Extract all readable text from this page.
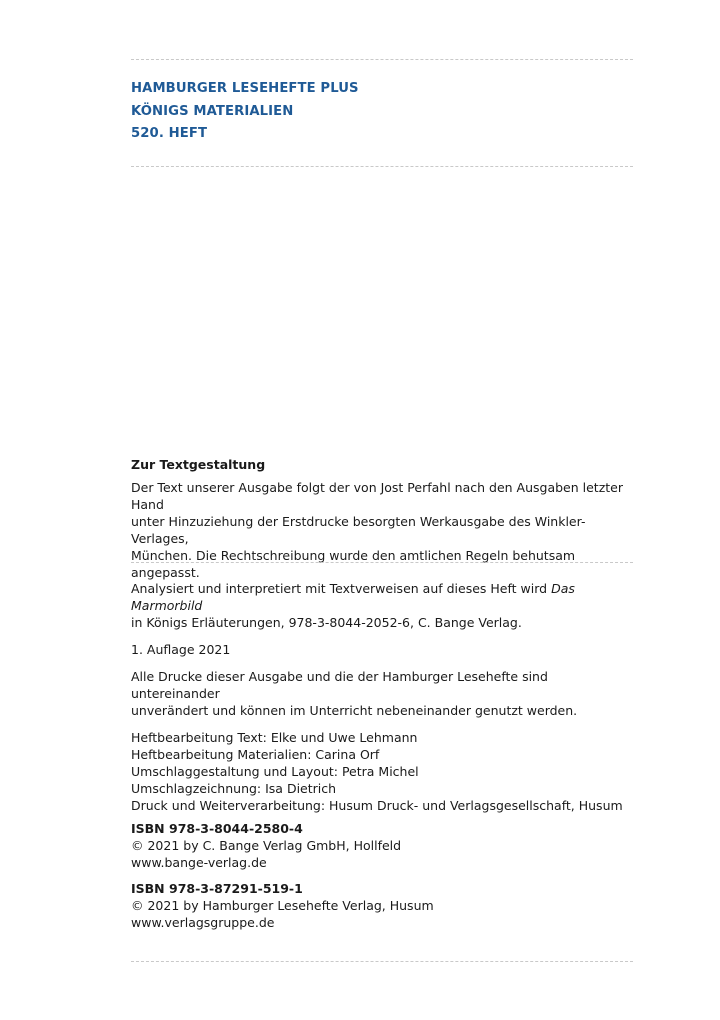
HAMBURGER LESEHEFTE PLUS
KÖNIGS MATERIALIEN
520. HEFT

Zur Textgestaltung

Der Text unserer Ausgabe folgt der von Jost Perfahl nach den Ausgaben letzter Hand

unter Hinzuziehung der Erstdrucke besorgten Werkausgabe des Winkler-Verlages,

München. Die Rechtschreibung wurde den amtlichen Regeln behutsam angepasst.

Analysiert und interpretiert mit Textverweisen auf dieses Heft wird Das Marmorbild

in Königs Erläuterungen, 978-3-8044-2052-6, C. Bange Verlag.

1. Auflage 2021

Alle Drucke dieser Ausgabe und die der Hamburger Lesehefte sind untereinander

unverändert und können im Unterricht nebeneinander genutzt werden.

Heftbearbeitung Text: Elke und Uwe Lehmann

Heftbearbeitung Materialien: Carina Orf

Umschlaggestaltung und Layout: Petra Michel

Umschlagzeichnung: Isa Dietrich

Druck und Weiterverarbeitung: Husum Druck- und Verlagsgesellschaft, Husum

ISBN 978-3-8044-2580-4

© 2021 by C. Bange Verlag GmbH, Hollfeld

www.bange-verlag.de

ISBN 978-3-87291-519-1

© 2021 by Hamburger Lesehefte Verlag, Husum

www.verlagsgruppe.de
